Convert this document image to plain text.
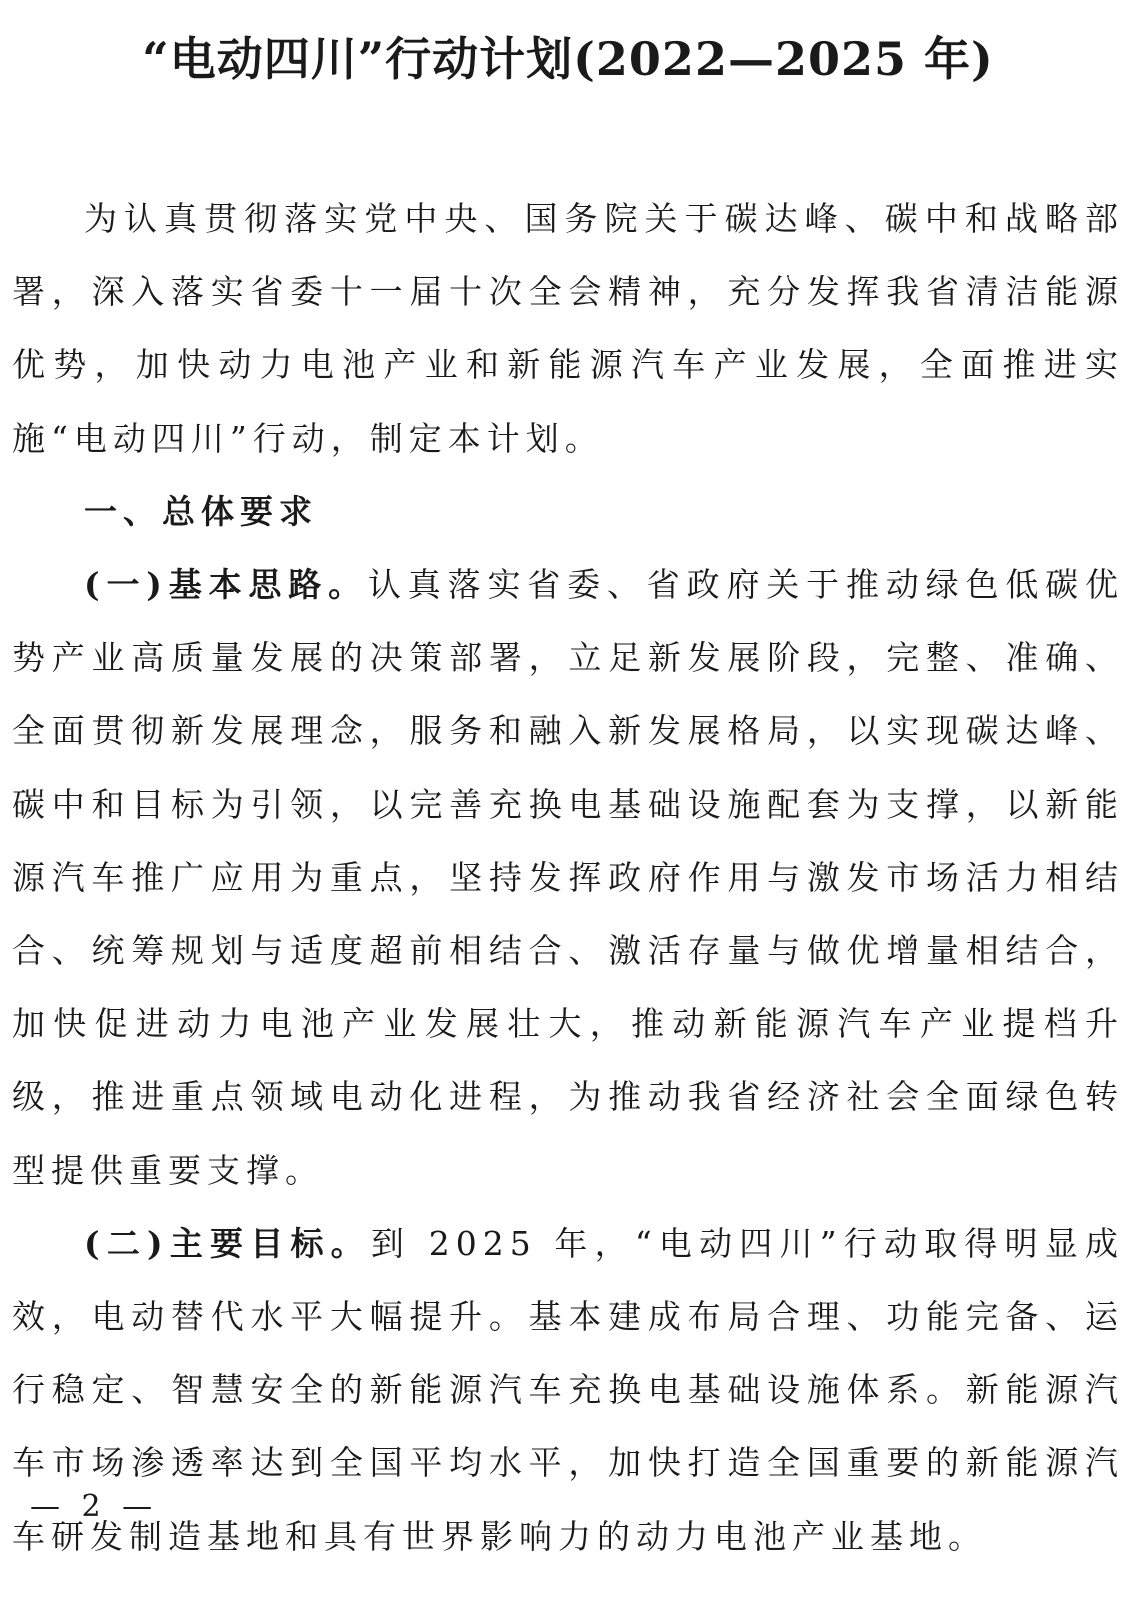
“电动四川”行动计划(2022—2025 年)

为认真贯彻落实党中央、国务院关于碳达峰、碳中和战略部署，深入落实省委十一届十次全会精神，充分发挥我省清洁能源优势，加快动力电池产业和新能源汽车产业发展，全面推进实施“电动四川”行动，制定本计划。

一、总体要求

(一)基本思路。认真落实省委、省政府关于推动绿色低碳优势产业高质量发展的决策部署，立足新发展阶段，完整、准确、全面贯彻新发展理念，服务和融入新发展格局，以实现碳达峰、碳中和目标为引领，以完善充换电基础设施配套为支撑，以新能源汽车推广应用为重点，坚持发挥政府作用与激发市场活力相结合、统筹规划与适度超前相结合、激活存量与做优增量相结合，加快促进动力电池产业发展壮大，推动新能源汽车产业提档升级，推进重点领域电动化进程，为推动我省经济社会全面绿色转型提供重要支撑。

(二)主要目标。到 2025 年，“电动四川”行动取得明显成效，电动替代水平大幅提升。基本建成布局合理、功能完备、运行稳定、智慧安全的新能源汽车充换电基础设施体系。新能源汽车市场渗透率达到全国平均水平，加快打造全国重要的新能源汽车研发制造基地和具有世界影响力的动力电池产业基地。

— 2 —
